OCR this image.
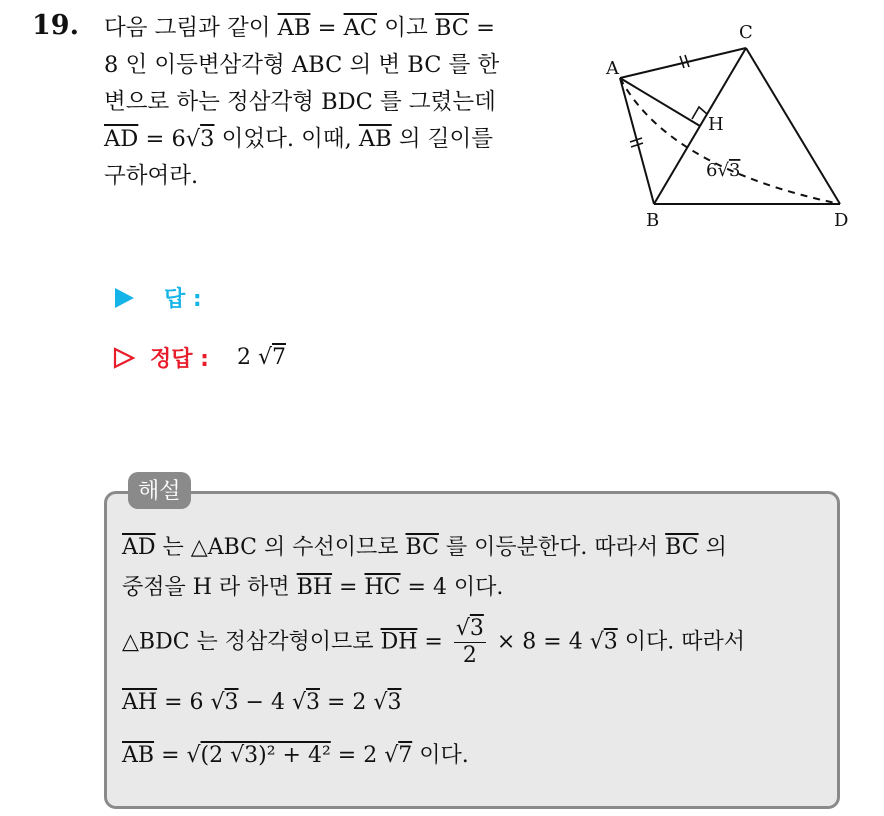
19. 다음 그림과 같이 $\overline{AB} = \overline{AC}$ 이고 $\overline{BC}$ =
8 인 이등변삼각형 ABC 의 변 BC 를 한
변으로 하는 정삼각형 BDC 를 그렸는데
$\overline{AD} = 6√3$ 이었다. 이때, $\overline{AB}$ 의 길이를
구하여라.
A
C
B	D
H
6√3
답 :
정답 : 2 √7
해설
$\overline{AD}$ 는 △ABC 의 수선이므로 $\overline{BC}$ 를 이등분한다. 따라서 $\overline{BC}$ 의
중점을 H 라 하면 $\overline{BH} = \overline{HC} = 4$ 이다.
△BDC 는 정삼각형이므로 $\overline{DH} = \frac{√3}{2} \times 8 = 4$ √3 이다. 따라서
$\overline{AH} = 6$ √3 − 4 √3 = 2 √3
$\overline{AB} = √(2$ √3)² + 4² = 2 √7 이다.
